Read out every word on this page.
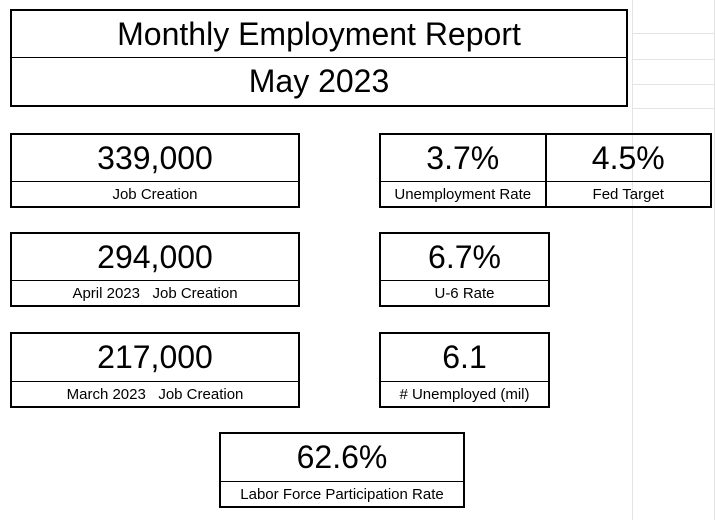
Monthly Employment Report
May 2023
339,000
Job Creation
3.7%
Unemployment Rate
4.5%
Fed Target
294,000
April 2023   Job Creation
6.7%
U-6 Rate
217,000
March 2023   Job Creation
6.1
# Unemployed (mil)
62.6%
Labor Force Participation Rate
